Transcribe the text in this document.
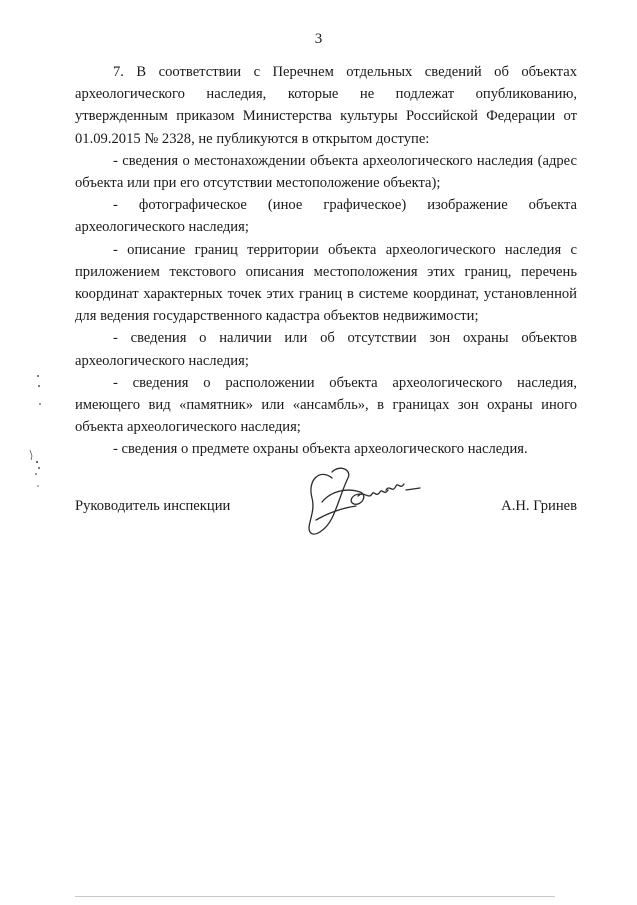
3

7. В соответствии с Перечнем отдельных сведений об объектах археологического наследия, которые не подлежат опубликованию, утвержденным приказом Министерства культуры Российской Федерации от 01.09.2015 № 2328, не публикуются в открытом доступе:

- сведения о местонахождении объекта археологического наследия (адрес объекта или при его отсутствии местоположение объекта);

- фотографическое (иное графическое) изображение объекта археологического наследия;

- описание границ территории объекта археологического наследия с приложением текстового описания местоположения этих границ, перечень координат характерных точек этих границ в системе координат, установленной для ведения государственного кадастра объектов недвижимости;

- сведения о наличии или об отсутствии зон охраны объектов археологического наследия;

- сведения о расположении объекта археологического наследия, имеющего вид «памятник» или «ансамбль», в границах зон охраны иного объекта археологического наследия;

- сведения о предмете охраны объекта археологического наследия.

Руководитель инспекции	А.Н. Гринев
